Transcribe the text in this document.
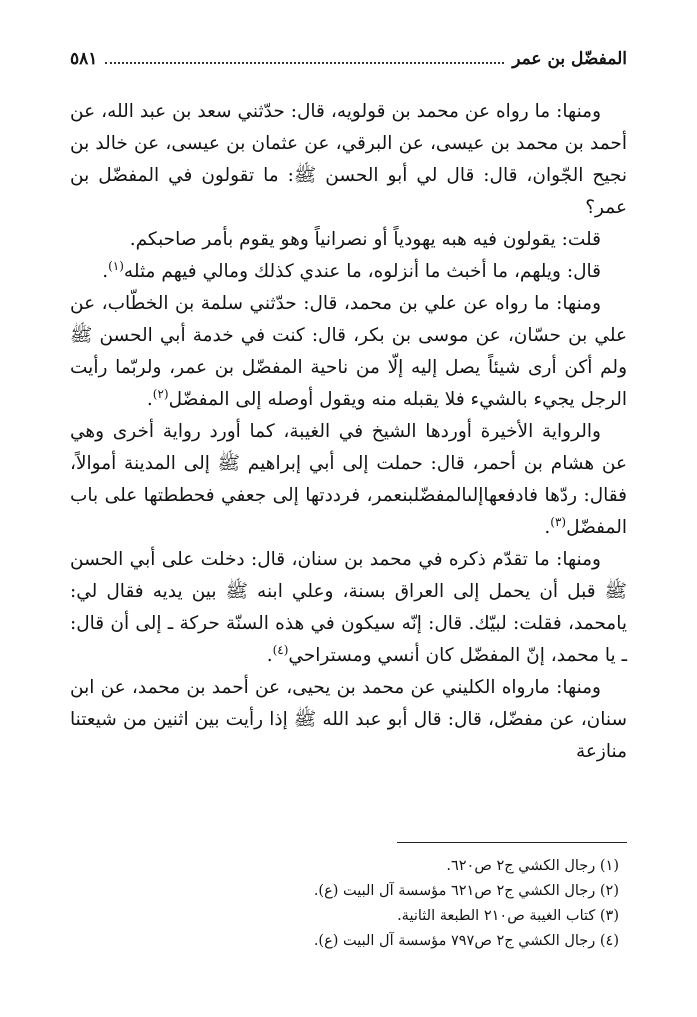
المفضّل بن عمر
٥٨١

ومنها: ما رواه عن محمد بن قولويه، قال: حدّثني سعد بن عبد الله، عن أحمد بن محمد بن عيسى، عن البرقي، عن عثمان بن عيسى، عن خالد بن نجيح الجّوان، قال: قال لي أبو الحسن ﷺ: ما تقولون في المفضّل بن عمر؟

قلت: يقولون فيه هبه يهودياً أو نصرانياً وهو يقوم بأمر صاحبكم.

قال: ويلهم، ما أخبث ما أنزلوه، ما عندي كذلك ومالي فيهم مثله$^{(١)}$.

ومنها: ما رواه عن علي بن محمد، قال: حدّثني سلمة بن الخطّاب، عن علي بن حسّان، عن موسى بن بكر، قال: كنت في خدمة أبي الحسن ﷺ ولم أكن أرى شيئاً يصل إليه إلّا من ناحية المفضّل بن عمر، ولربّما رأيت الرجل يجيء بالشيء فلا يقبله منه ويقول أوصله إلى المفضّل$^{(٢)}$.

والرواية الأخيرة أوردها الشيخ في الغيبة، كما أورد رواية أخرى وهي عن هشام بن أحمر، قال: حملت إلى أبي إبراهيم ﷺ إلى المدينة أموالاً، فقال: ردّها فادفعهاإلىالمفضّلبنعمر، فرددتها إلى جعفي فحططتها على باب المفضّل$^{(٣)}$.

ومنها: ما تقدّم ذكره في محمد بن سنان، قال: دخلت على أبي الحسن ﷺ قبل أن يحمل إلى العراق بسنة، وعلي ابنه ﷺ بين يديه فقال لي: يامحمد، فقلت: لبيّك. قال: إنّه سيكون في هذه السنّة حركة ـ إلى أن قال: ـ يا محمد، إنّ المفضّل كان أنسي ومستراحي$^{(٤)}$.

ومنها: مارواه الكليني عن محمد بن يحيى، عن أحمد بن محمد، عن ابن سنان، عن مفضّل، قال: قال أبو عبد الله ﷺ إذا رأيت بين اثنين من شيعتنا منازعة

(١) رجال الكشي ج٢ ص٦٢٠.
(٢) رجال الكشي ج٢ ص٦٢١ مؤسسة آل البيت (ع).
(٣) كتاب الغيبة ص٢١٠ الطبعة الثانية.
(٤) رجال الكشي ج٢ ص٧٩٧ مؤسسة آل البيت (ع).
